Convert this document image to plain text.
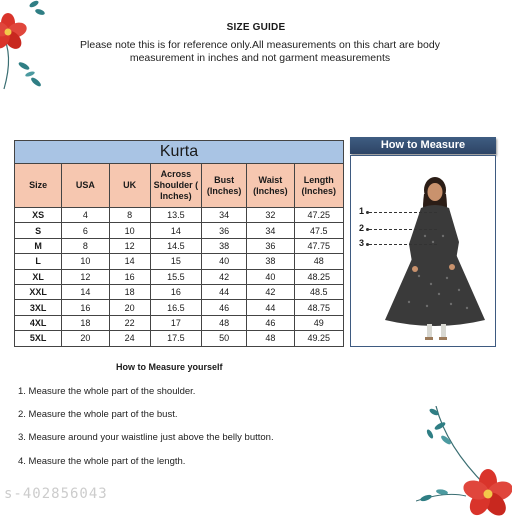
SIZE GUIDE
Please note this is for reference only.All measurements on this chart are body measurement in inches and not garment measurements
Kurta						
Size	USA	UK	Across Shoulder ( Inches)	Bust (Inches)	Waist (Inches)	Length (Inches)
XS	4	8	13.5	34	32	47.25
S	6	10	14	36	34	47.5
M	8	12	14.5	38	36	47.75
L	10	14	15	40	38	48
XL	12	16	15.5	42	40	48.25
XXL	14	18	16	44	42	48.5
3XL	16	20	16.5	46	44	48.75
4XL	18	22	17	48	46	49
5XL	20	24	17.5	50	48	49.25
How to Measure
1
2
3
How to Measure yourself
1. Measure the whole part of the shoulder.
2. Measure the whole part of the bust.
3. Measure around your waistline just above the belly button.
4. Measure the whole part of the length.
s-402856043
